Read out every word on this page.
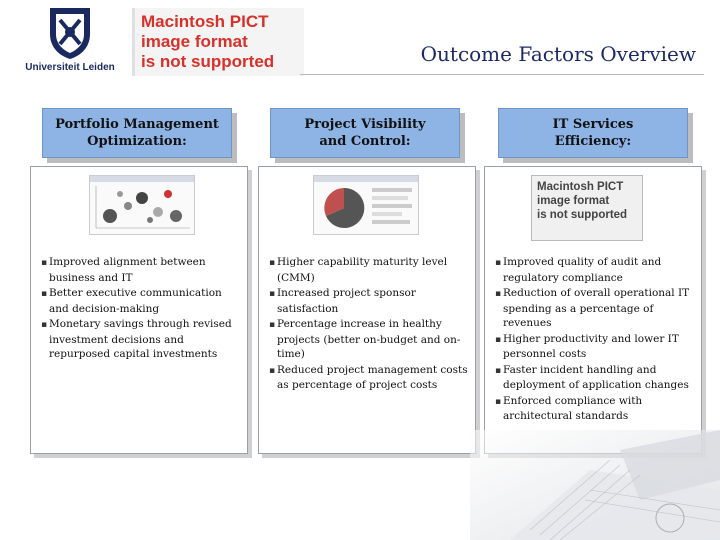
Universiteit Leiden
Macintosh PICT
image format
is not supported	Outcome Factors Overview
Portfolio Management
Optimization:
Project Visibility
and Control:
IT Services
Efficiency:
▪ Improved alignment between business and IT
▪ Better executive communication and decision-making
▪ Monetary savings through revised investment decisions and repurposed capital investments
▪ Higher capability maturity level (CMM)
▪ Increased project sponsor satisfaction
▪ Percentage increase in healthy projects (better on-budget and on-time)
▪ Reduced project management costs as percentage of project costs
Macintosh PICT
image format
is not supported
▪ Improved quality of audit and regulatory compliance
▪ Reduction of overall operational IT spending as a percentage of revenues
▪ Higher productivity and lower IT personnel costs
▪ Faster incident handling and deployment of application changes
▪ Enforced compliance with architectural standards
